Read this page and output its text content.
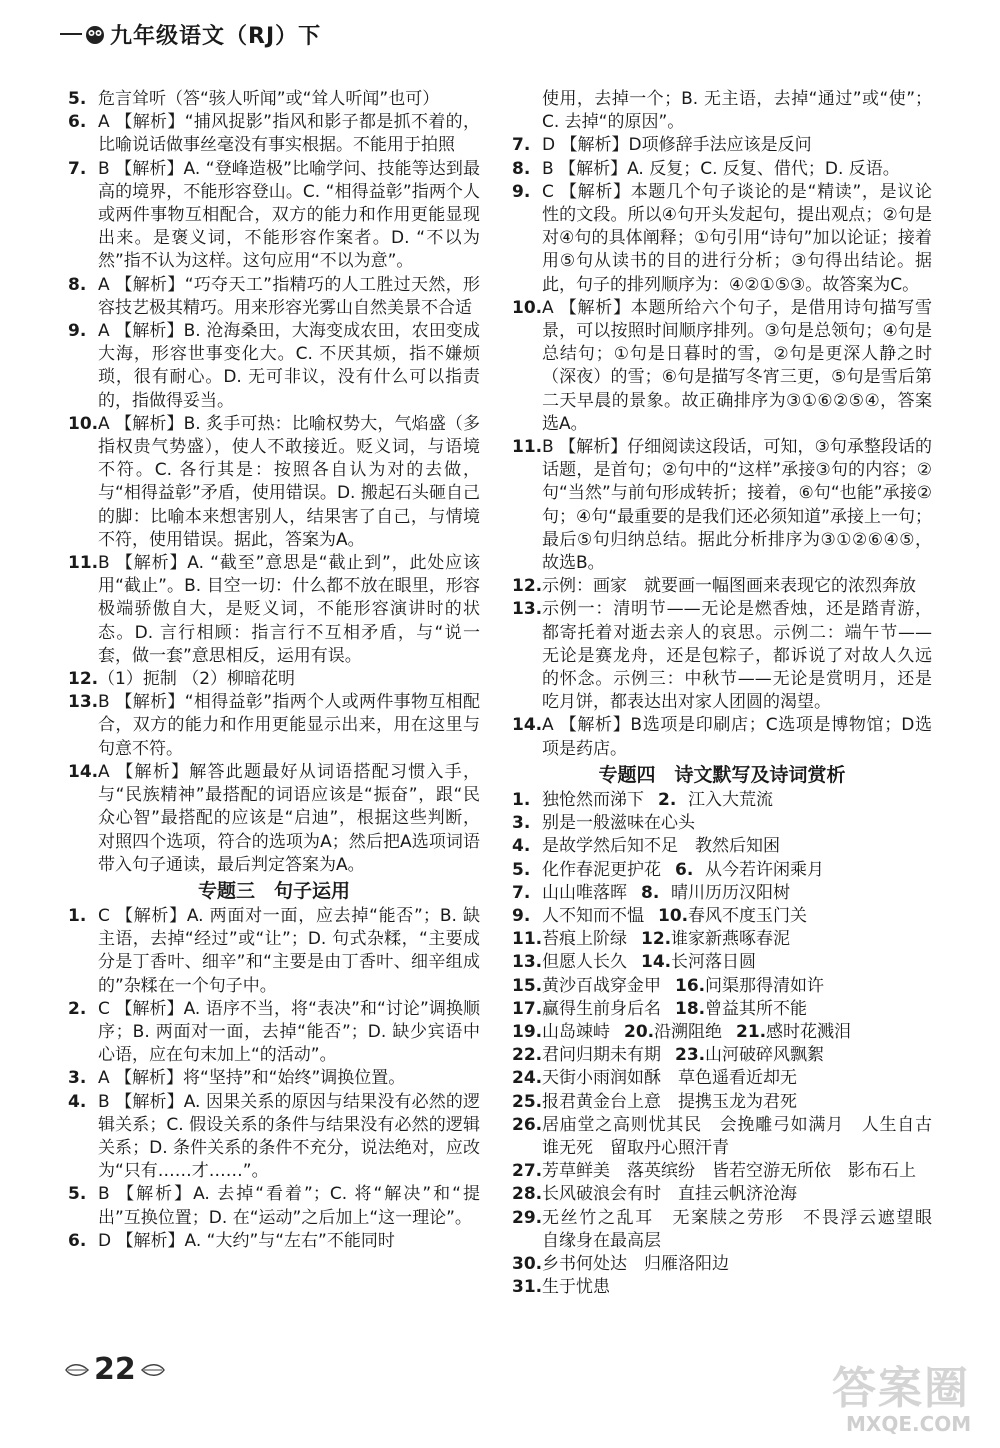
九年级语文（RJ）下
5. 危言耸听（答“骇人听闻”或“耸人听闻”也可）
6. A 【解析】“捕风捉影”指风和影子都是抓不着的，比喻说话做事丝毫没有事实根据。不能用于拍照
7. B 【解析】A. “登峰造极”比喻学问、技能等达到最高的境界，不能形容登山。C. “相得益彰”指两个人或两件事物互相配合，双方的能力和作用更能显现出来。是褒义词，不能形容作案者。D. “不以为然”指不认为这样。这句应用“不以为意”。
8. A 【解析】“巧夺天工”指精巧的人工胜过天然，形容技艺极其精巧。用来形容光雾山自然美景不合适
9. A 【解析】B. 沧海桑田，大海变成农田，农田变成大海，形容世事变化大。C. 不厌其烦，指不嫌烦琐，很有耐心。D. 无可非议，没有什么可以指责的，指做得妥当。
10. A 【解析】B. 炙手可热：比喻权势大，气焰盛（多指权贵气势盛），使人不敢接近。贬义词，与语境不符。C. 各行其是：按照各自认为对的去做，与“相得益彰”矛盾，使用错误。D. 搬起石头砸自己的脚：比喻本来想害别人，结果害了自己，与情境不符，使用错误。据此，答案为A。
11. B 【解析】A. “截至”意思是“截止到”，此处应该用“截止”。B. 目空一切：什么都不放在眼里，形容极端骄傲自大，是贬义词，不能形容演讲时的状态。D. 言行相顾：指言行不互相矛盾，与“说一套，做一套”意思相反，运用有误。
12. （1）扼制 （2）柳暗花明
13. B 【解析】“相得益彰”指两个人或两件事物互相配合，双方的能力和作用更能显示出来，用在这里与句意不符。
14. A 【解析】解答此题最好从词语搭配习惯入手，与“民族精神”最搭配的词语应该是“振奋”，跟“民众心智”最搭配的应该是“启迪”，根据这些判断，对照四个选项，符合的选项为A；然后把A选项词语带入句子通读，最后判定答案为A。
专题三　句子运用
1. C 【解析】A. 两面对一面，应去掉“能否”；B. 缺主语，去掉“经过”或“让”；D. 句式杂糅，“主要成分是丁香叶、细辛”和“主要是由丁香叶、细辛组成的”杂糅在一个句子中。
2. C 【解析】A. 语序不当，将“表决”和“讨论”调换顺序；B. 两面对一面，去掉“能否”；D. 缺少宾语中心语，应在句末加上“的活动”。
3. A 【解析】将“坚持”和“始终”调换位置。
4. B 【解析】A. 因果关系的原因与结果没有必然的逻辑关系；C. 假设关系的条件与结果没有必然的逻辑关系；D. 条件关系的条件不充分，说法绝对，应改为“只有……才……”。
5. B 【解析】A. 去掉“看着”；C. 将“解决”和“提出”互换位置；D. 在“运动”之后加上“这一理论”。
6. D 【解析】A. “大约”与“左右”不能同时
使用，去掉一个；B. 无主语，去掉“通过”或“使”；C. 去掉“的原因”。
7. D 【解析】D项修辞手法应该是反问
8. B 【解析】A. 反复；C. 反复、借代；D. 反语。
9. C 【解析】本题几个句子谈论的是“精读”，是议论性的文段。所以④句开头发起句，提出观点；②句是对④句的具体阐释；①句引用“诗句”加以论证；接着用⑤句从读书的目的进行分析；③句得出结论。据此，句子的排列顺序为：④②①⑤③。故答案为C。
10. A 【解析】本题所给六个句子，是借用诗句描写雪景，可以按照时间顺序排列。③句是总领句；④句是总结句；①句是日暮时的雪，②句是更深人静之时（深夜）的雪；⑥句是描写冬宵三更，⑤句是雪后第二天早晨的景象。故正确排序为③①⑥②⑤④，答案选A。
11. B 【解析】仔细阅读这段话，可知，③句承整段话的话题，是首句；②句中的“这样”承接③句的内容；②句“当然”与前句形成转折；接着，⑥句“也能”承接②句；④句“最重要的是我们还必须知道”承接上一句；最后⑤句归纳总结。据此分析排序为③①②⑥④⑤，故选B。
12. 示例：画家　就要画一幅图画来表现它的浓烈奔放
13. 示例一：清明节——无论是燃香烛，还是踏青游，都寄托着对逝去亲人的哀思。示例二：端午节——无论是赛龙舟，还是包粽子，都诉说了对故人久远的怀念。示例三：中秋节——无论是赏明月，还是吃月饼，都表达出对家人团圆的渴望。
14. A 【解析】B选项是印刷店；C选项是博物馆；D选项是药店。
专题四　诗文默写及诗词赏析
1. 独怆然而涕下 2. 江入大荒流
3. 别是一般滋味在心头
4. 是故学然后知不足　教然后知困
5. 化作春泥更护花 6. 从今若许闲乘月
7. 山山唯落晖 8. 晴川历历汉阳树
9. 人不知而不愠 10. 春风不度玉门关
11. 苔痕上阶绿 12. 谁家新燕啄春泥
13. 但愿人长久 14. 长河落日圆
15. 黄沙百战穿金甲 16. 问渠那得清如许
17. 赢得生前身后名 18. 曾益其所不能
19. 山岛竦峙 20. 沿溯阻绝 21. 感时花溅泪
22. 君问归期未有期 23. 山河破碎风飘絮
24. 天街小雨润如酥　草色遥看近却无
25. 报君黄金台上意　提携玉龙为君死
26. 居庙堂之高则忧其民　会挽雕弓如满月　人生自古谁无死　留取丹心照汗青
27. 芳草鲜美　落英缤纷　皆若空游无所依　影布石上
28. 长风破浪会有时　直挂云帆济沧海
29. 无丝竹之乱耳　无案牍之劳形　不畏浮云遮望眼　自缘身在最高层
30. 乡书何处达　归雁洛阳边
31. 生于忧患
22	答案圈
MXQE.COM
